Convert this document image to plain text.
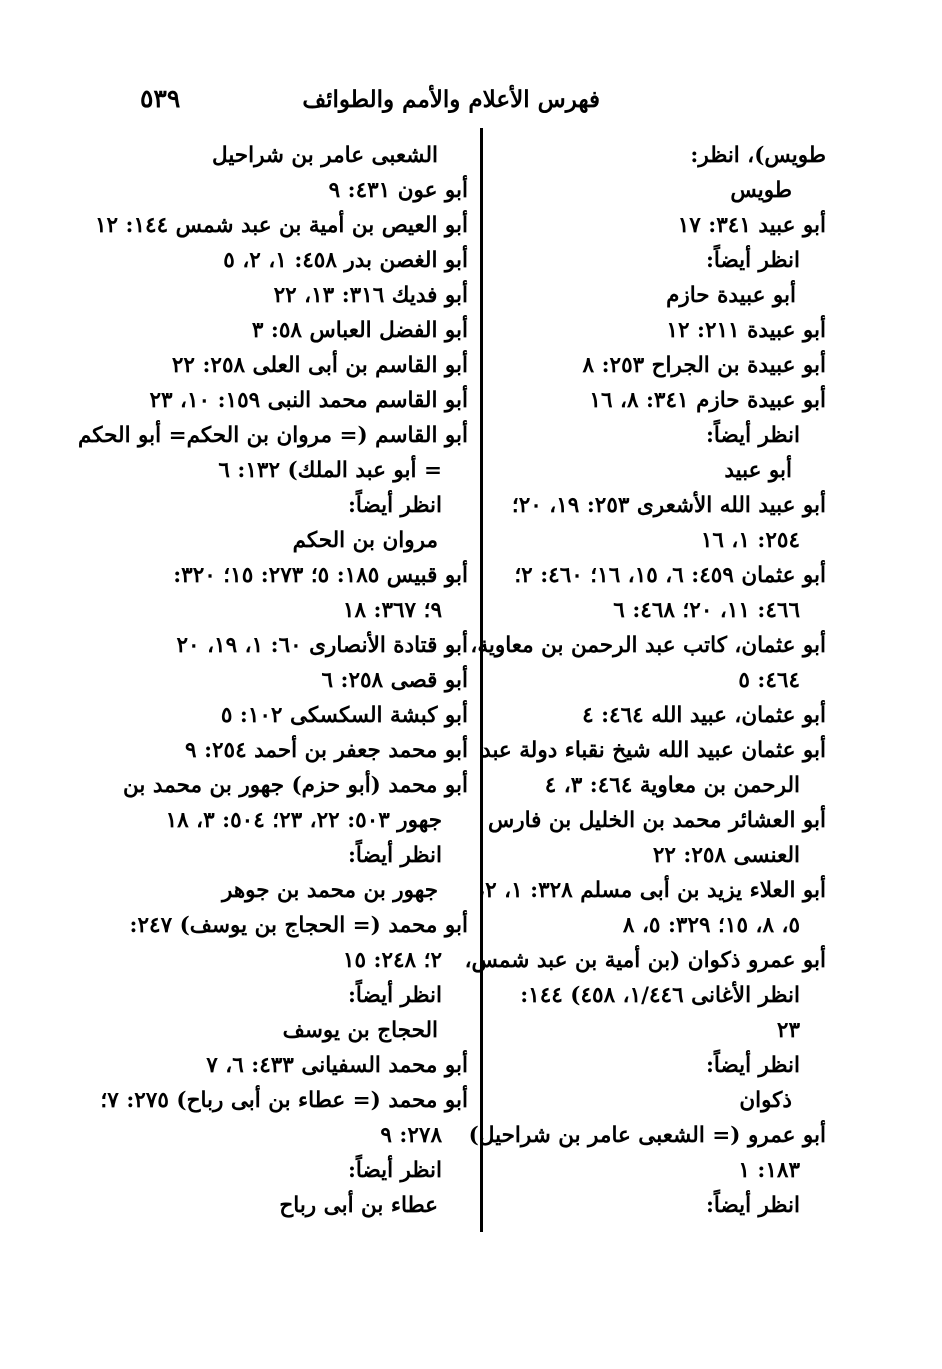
٥٣٩	فهرس الأعلام والأمم والطوائف
طويس)، انظر:
طويس
أبو عبيد ٣٤١: ١٧
انظر أيضاً:
أبو عبيدة حازم
أبو عبيدة ٢١١: ١٢
أبو عبيدة بن الجراح ٢٥٣: ٨
أبو عبيدة حازم ٣٤١: ٨، ١٦
انظر أيضاً:
أبو عبيد
أبو عبيد الله الأشعرى ٢٥٣: ١٩، ٢٠؛
٢٥٤: ١، ١٦
أبو عثمان ٤٥٩: ٦، ١٥، ١٦؛ ٤٦٠: ٢؛
٤٦٦: ١١، ٢٠؛ ٤٦٨: ٦
أبو عثمان، كاتب عبد الرحمن بن معاوية،
٤٦٤: ٥
أبو عثمان، عبيد الله ٤٦٤: ٤
أبو عثمان عبيد الله شيخ نقباء دولة عبد
الرحمن بن معاوية ٤٦٤: ٣، ٤
أبو العشائر محمد بن الخليل بن فارس
العنسى ٢٥٨: ٢٢
أبو العلاء يزيد بن أبى مسلم ٣٢٨: ١، ٢،
٥، ٨، ١٥؛ ٣٢٩: ٥، ٨
أبو عمرو ذكوان (بن أمية بن عبد شمس،
انظر الأغانى ١/٤٤٦، ٤٥٨) ١٤٤:
٢٣
انظر أيضاً:
ذكوان
أبو عمرو (= الشعبى عامر بن شراحيل)
١٨٣: ١
انظر أيضاً:
الشعبى عامر بن شراحيل
أبو عون ٤٣١: ٩
أبو العيص بن أمية بن عبد شمس ١٤٤: ١٢
أبو الغصن بدر ٤٥٨: ١، ٢، ٥
أبو فديك ٣١٦: ١٣، ٢٢
أبو الفضل العباس ٥٨: ٣
أبو القاسم بن أبى العلى ٢٥٨: ٢٢
أبو القاسم محمد النبى ١٥٩: ١٠، ٢٣
أبو القاسم (= مروان بن الحكم= أبو الحكم
= أبو عبد الملك) ١٣٢: ٦
انظر أيضاً:
مروان بن الحكم
أبو قبيس ١٨٥: ٥؛ ٢٧٣: ١٥؛ ٣٢٠:
٩؛ ٣٦٧: ١٨
أبو قتادة الأنصارى ٦٠: ١، ١٩، ٢٠
أبو قصى ٢٥٨: ٦
أبو كبشة السكسكى ١٠٢: ٥
أبو محمد جعفر بن أحمد ٢٥٤: ٩
أبو محمد (أبو حزم) جهور بن محمد بن
جهور ٥٠٣: ٢٢، ٢٣؛ ٥٠٤: ٣، ١٨
انظر أيضاً:
جهور بن محمد بن جوهر
أبو محمد (= الحجاج بن يوسف) ٢٤٧:
٢؛ ٢٤٨: ١٥
انظر أيضاً:
الحجاج بن يوسف
أبو محمد السفيانى ٤٣٣: ٦، ٧
أبو محمد (= عطاء بن أبى رباح) ٢٧٥: ٧؛
٢٧٨: ٩
انظر أيضاً:
عطاء بن أبى رباح
